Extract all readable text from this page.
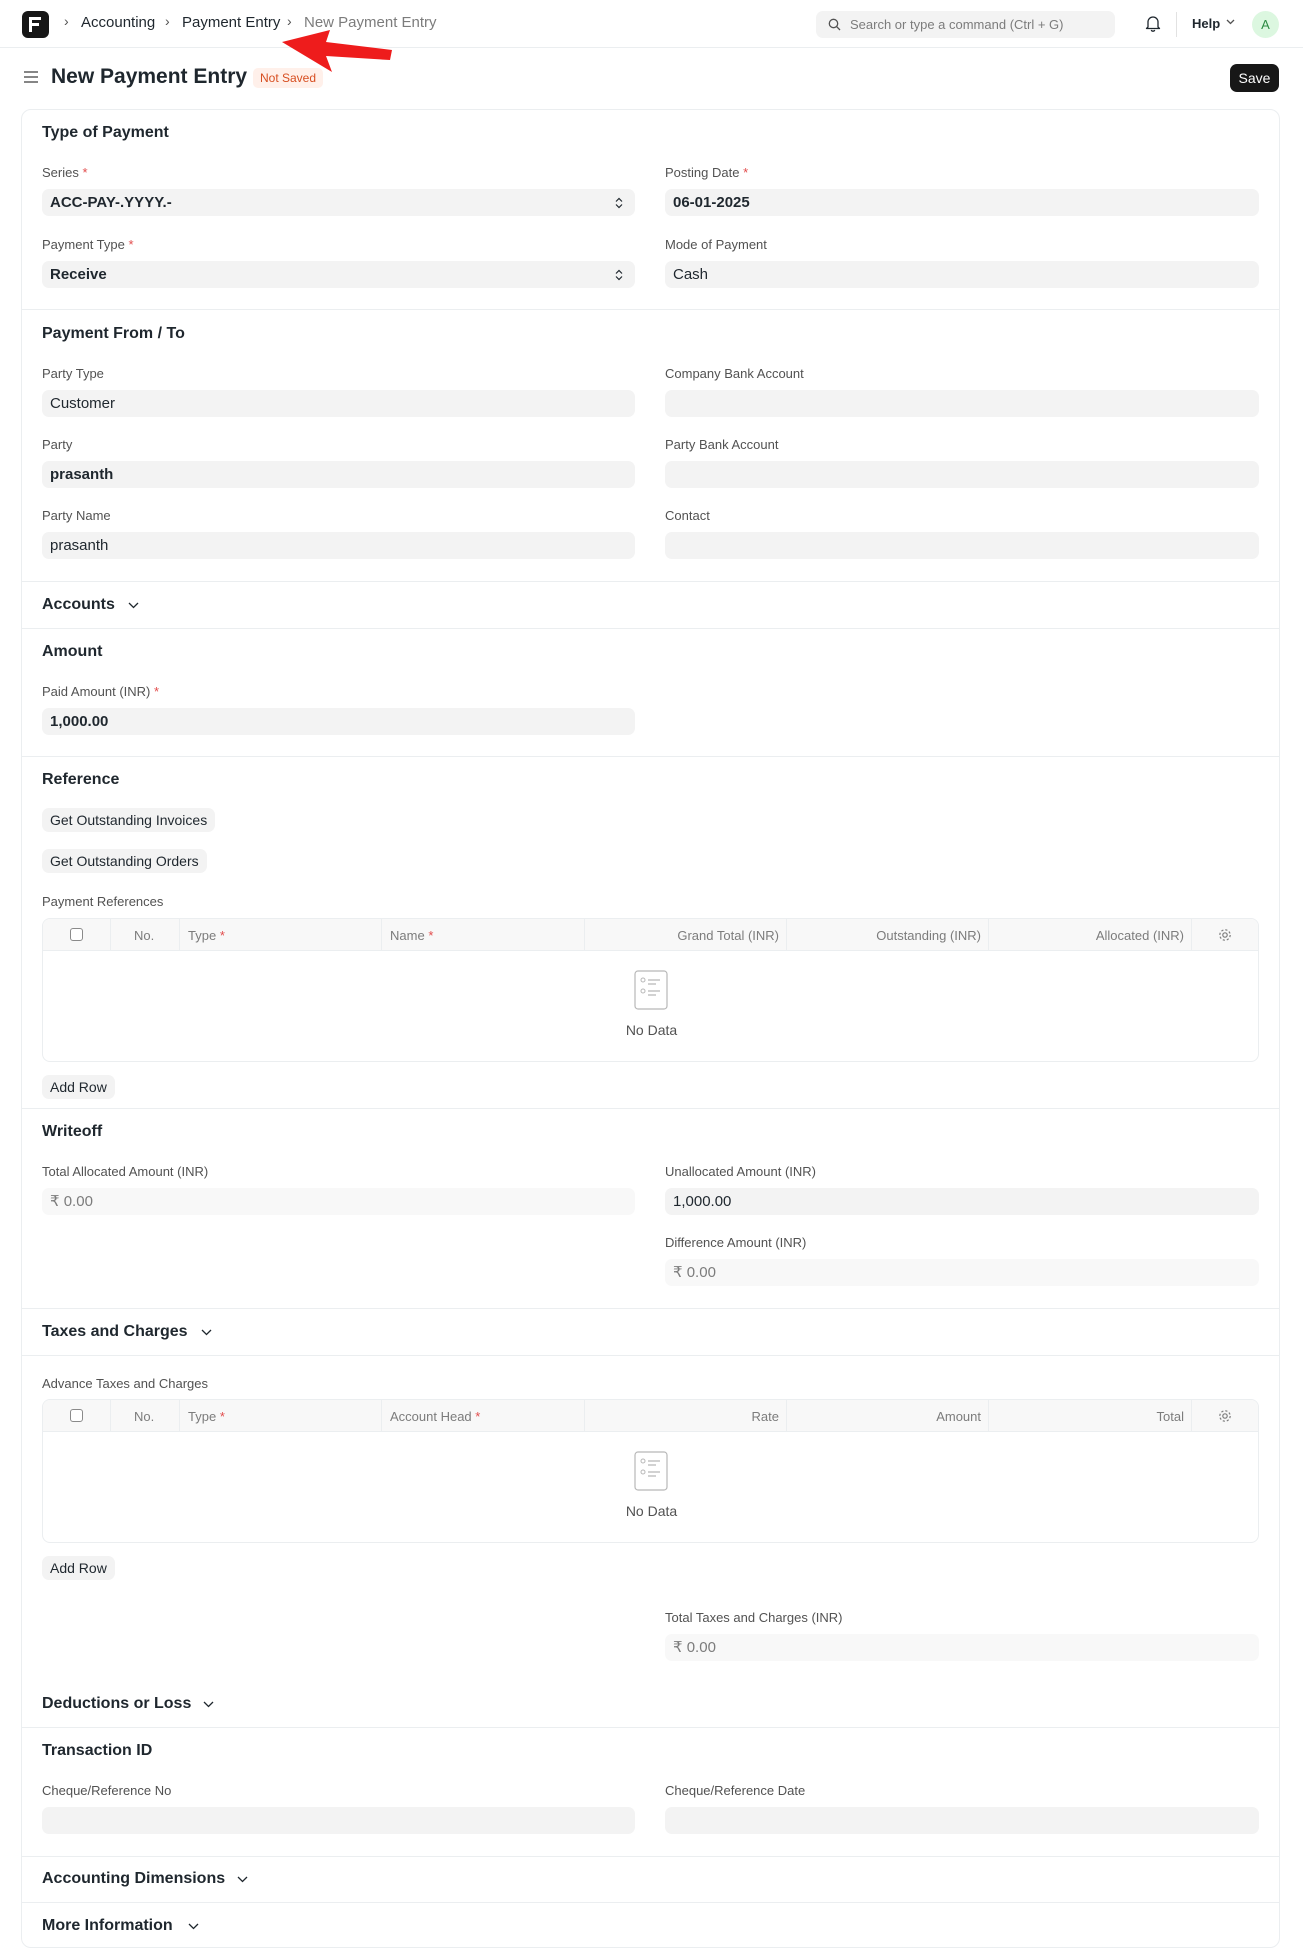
› Accounting › Payment Entry › New Payment Entry
Search or type a command (Ctrl + G)	Help	A
New Payment Entry	Not Saved	Save
Type of Payment
Series *
ACC-PAY-.YYYY.-
Posting Date *
06-01-2025
Payment Type *
Receive
Mode of Payment
Cash
Payment From / To
Party Type
Customer
Company Bank Account
Party
prasanth
Party Bank Account
Party Name
prasanth
Contact
Accounts
Amount
Paid Amount (INR) *
1,000.00
Reference
Get Outstanding Invoices
Get Outstanding Orders
Payment References
No.	Type *	Name *	Grand Total (INR)	Outstanding (INR)	Allocated (INR)
No Data
Add Row
Writeoff
Total Allocated Amount (INR)
₹ 0.00
Unallocated Amount (INR)
1,000.00
Difference Amount (INR)
₹ 0.00
Taxes and Charges
Advance Taxes and Charges
No.	Type *	Account Head *	Rate	Amount	Total
No Data
Add Row
Total Taxes and Charges (INR)
₹ 0.00
Deductions or Loss
Transaction ID
Cheque/Reference No	Cheque/Reference Date
Accounting Dimensions
More Information
